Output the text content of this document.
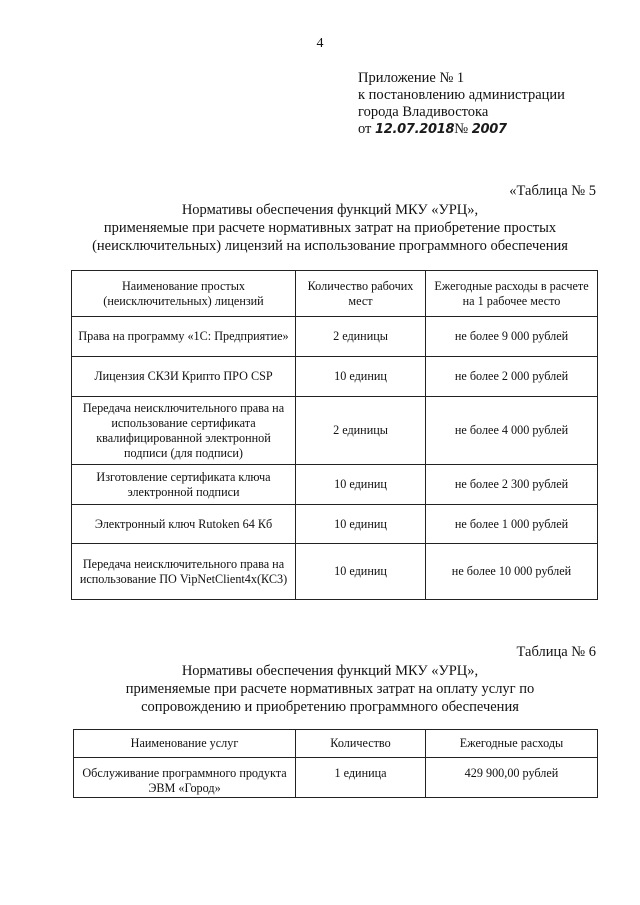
4
Приложение № 1
к постановлению администрации
города Владивостока
от 12.07.2018№ 2007
«Таблица № 5
Нормативы обеспечения функций МКУ «УРЦ»,
применяемые при расчете нормативных затрат на приобретение простых
(неисключительных) лицензий на использование программного обеспечения
Наименование простых (неисключительных) лицензий	Количество рабочих мест	Ежегодные расходы в расчете на 1 рабочее место
Права на программу «1С: Предприятие»	2 единицы	не более 9 000 рублей
Лицензия СКЗИ Крипто ПРО CSP	10 единиц	не более 2 000 рублей
Передача неисключительного права на использование сертификата квалифицированной электронной подписи (для подписи)	2 единицы	не более 4 000 рублей
Изготовление сертификата ключа электронной подписи	10 единиц	не более 2 300 рублей
Электронный ключ Rutoken 64 Кб	10 единиц	не более 1 000 рублей
Передача неисключительного права на использование ПО VipNetClient4x(КС3)	10 единиц	не более 10 000 рублей
Таблица № 6
Нормативы обеспечения функций МКУ «УРЦ»,
применяемые при расчете нормативных затрат на оплату услуг по
сопровождению и приобретению программного обеспечения
Наименование услуг	Количество	Ежегодные расходы
Обслуживание программного продукта ЭВМ «Город»	1 единица	429 900,00 рублей
